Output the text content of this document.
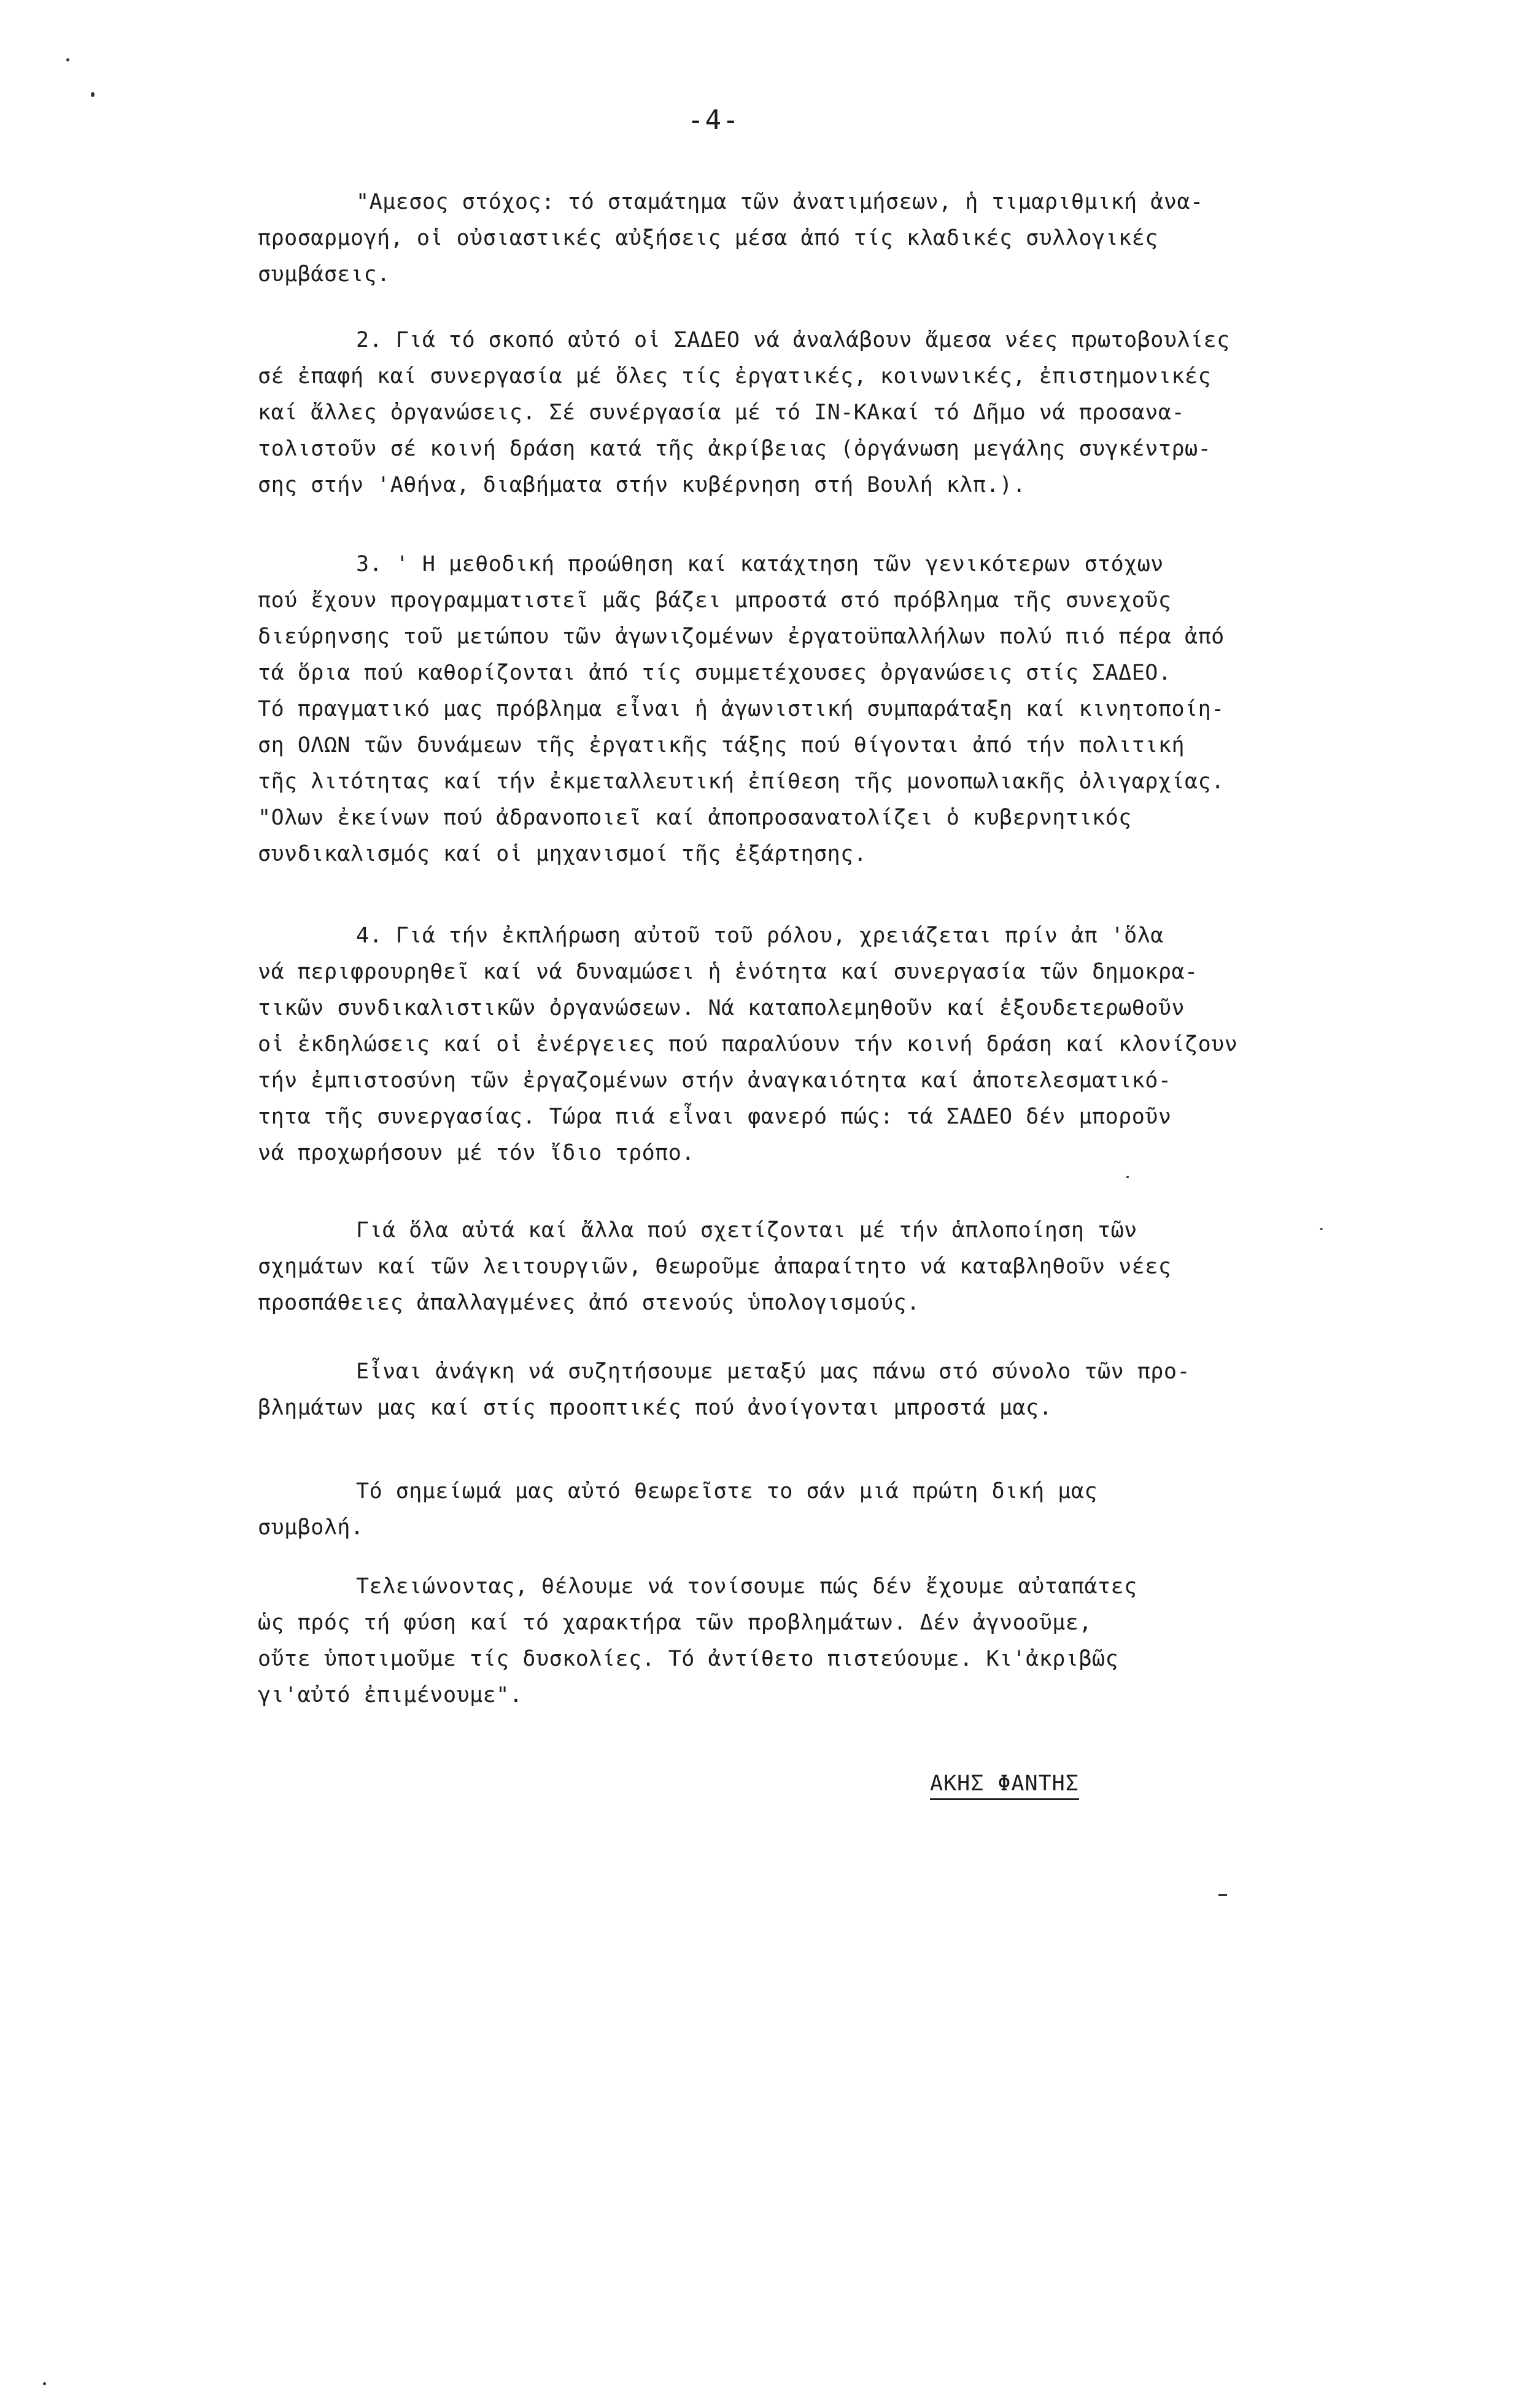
-4-
"Αμεσος στόχος: τό σταμάτημα τῶν ἀνατιμήσεων, ἡ τιμαριθμική ἀνα-
προσαρμογή, οἱ οὐσιαστικές αὐξήσεις μέσα ἀπό τίς κλαδικές συλλογικές
συμβάσεις.
2. Γιά τό σκοπό αὐτό οἱ ΣΑΔΕΟ νά ἀναλάβουν ἄμεσα νέες πρωτοβουλίες
σέ ἐπαφή καί συνεργασία μέ ὅλες τίς ἐργατικές, κοινωνικές, ἐπιστημονικές
καί ἄλλες ὀργανώσεις. Σέ συνέργασία μέ τό ΙΝ-ΚΑκαί τό Δῆμο νά προσανα-
τολιστοῦν σέ κοινή δράση κατά τῆς ἀκρίβειας (ὀργάνωση μεγάλης συγκέντρω-
σης στήν 'Αθήνα, διαβήματα στήν κυβέρνηση στή Βουλή κλπ.).
3. ' Η μεθοδική προώθηση καί κατάχτηση τῶν γενικότερων στόχων
πού ἔχουν προγραμματιστεῖ μᾶς βάζει μπροστά στό πρόβλημα τῆς συνεχοῦς
διεύρηνσης τοῦ μετώπου τῶν ἀγωνιζομένων ἐργατοϋπαλλήλων πολύ πιό πέρα ἀπό
τά ὅρια πού καθορίζονται ἀπό τίς συμμετέχουσες ὀργανώσεις στίς ΣΑΔΕΟ.
Τό πραγματικό μας πρόβλημα εἶναι ἡ ἀγωνιστική συμπαράταξη καί κινητοποίη-
ση ΟΛΩΝ τῶν δυνάμεων τῆς ἐργατικῆς τάξης πού θίγονται ἀπό τήν πολιτική
τῆς λιτότητας καί τήν ἐκμεταλλευτική ἐπίθεση τῆς μονοπωλιακῆς ὀλιγαρχίας.
"Ολων ἐκείνων πού ἀδρανοποιεῖ καί ἀποπροσανατολίζει ὁ κυβερνητικός
συνδικαλισμός καί οἱ μηχανισμοί τῆς ἐξάρτησης.
4. Γιά τήν ἐκπλήρωση αὐτοῦ τοῦ ρόλου, χρειάζεται πρίν ἀπ 'ὅλα
νά περιφρουρηθεῖ καί νά δυναμώσει ἡ ἑνότητα καί συνεργασία τῶν δημοκρα-
τικῶν συνδικαλιστικῶν ὀργανώσεων. Νά καταπολεμηθοῦν καί ἐξουδετερωθοῦν
οἱ ἐκδηλώσεις καί οἱ ἐνέργειες πού παραλύουν τήν κοινή δράση καί κλονίζουν
τήν ἐμπιστοσύνη τῶν ἐργαζομένων στήν ἀναγκαιότητα καί ἀποτελεσματικό-
τητα τῆς συνεργασίας. Τώρα πιά εἶναι φανερό πώς: τά ΣΑΔΕΟ δέν μποροῦν
νά προχωρήσουν μέ τόν ἴδιο τρόπο.
Γιά ὅλα αὐτά καί ἄλλα πού σχετίζονται μέ τήν ἁπλοποίηση τῶν
σχημάτων καί τῶν λειτουργιῶν, θεωροῦμε ἀπαραίτητο νά καταβληθοῦν νέες
προσπάθειες ἀπαλλαγμένες ἀπό στενούς ὑπολογισμούς.
Εἶναι ἀνάγκη νά συζητήσουμε μεταξύ μας πάνω στό σύνολο τῶν προ-
βλημάτων μας καί στίς προοπτικές πού ἀνοίγονται μπροστά μας.
Τό σημείωμά μας αὐτό θεωρεῖστε το σάν μιά πρώτη δική μας
συμβολή.
Τελειώνοντας, θέλουμε νά τονίσουμε πώς δέν ἔχουμε αὐταπάτες
ὡς πρός τή φύση καί τό χαρακτήρα τῶν προβλημάτων. Δέν ἀγνοοῦμε,
οὔτε ὑποτιμοῦμε τίς δυσκολίες. Τό ἀντίθετο πιστεύουμε. Κι'ἀκριβῶς
γι'αὐτό ἐπιμένουμε".
ΑΚΗΣ ΦΑΝΤΗΣ
